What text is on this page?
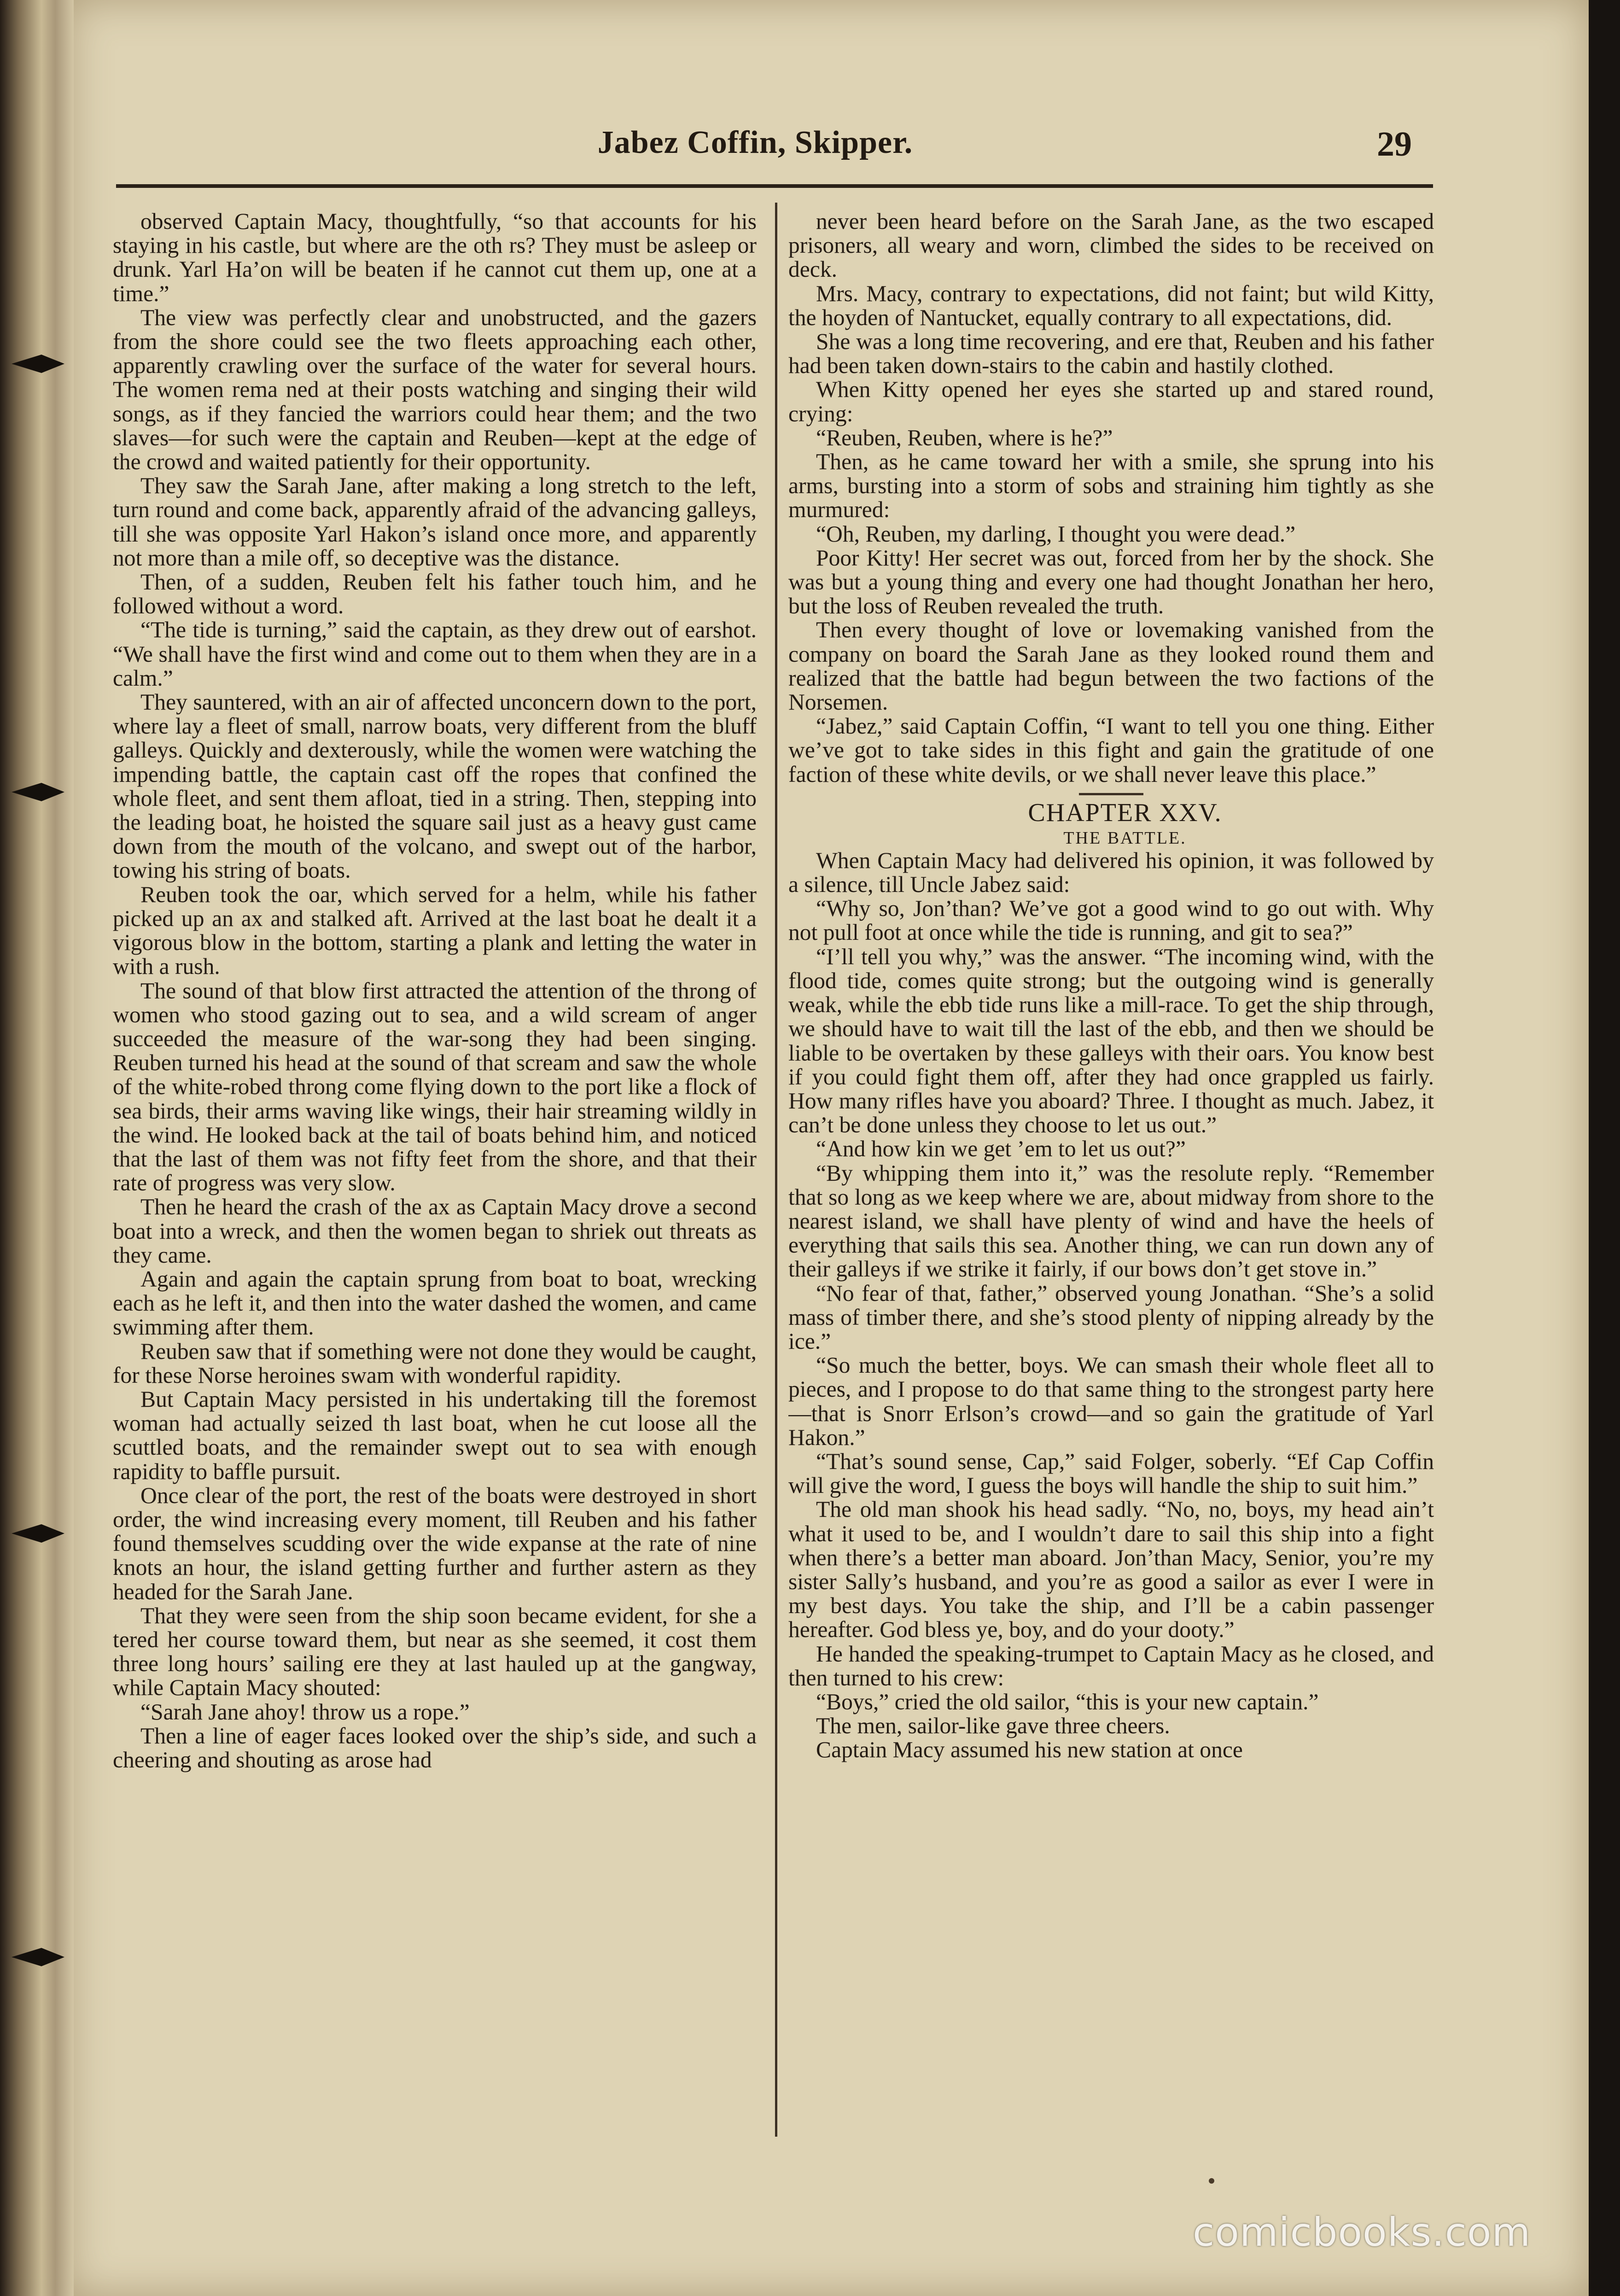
Jabez Coffin, Skipper.	29

observed Captain Macy, thoughtfully, “so that accounts for his staying in his castle, but where are the oth rs? They must be asleep or drunk. Yarl Ha’on will be beaten if he cannot cut them up, one at a time.”

The view was perfectly clear and unobstructed, and the gazers from the shore could see the two fleets approaching each other, apparently crawling over the surface of the water for several hours. The women rema ned at their posts watching and singing their wild songs, as if they fancied the warriors could hear them; and the two slaves—for such were the captain and Reuben—kept at the edge of the crowd and waited patiently for their opportunity.

They saw the Sarah Jane, after making a long stretch to the left, turn round and come back, apparently afraid of the advancing galleys, till she was opposite Yarl Hakon’s island once more, and apparently not more than a mile off, so deceptive was the distance.

Then, of a sudden, Reuben felt his father touch him, and he followed without a word.

“The tide is turning,” said the captain, as they drew out of earshot. “We shall have the first wind and come out to them when they are in a calm.”

They sauntered, with an air of affected unconcern down to the port, where lay a fleet of small, narrow boats, very different from the bluff galleys. Quickly and dexterously, while the women were watching the impending battle, the captain cast off the ropes that confined the whole fleet, and sent them afloat, tied in a string. Then, stepping into the leading boat, he hoisted the square sail just as a heavy gust came down from the mouth of the volcano, and swept out of the harbor, towing his string of boats.

Reuben took the oar, which served for a helm, while his father picked up an ax and stalked aft. Arrived at the last boat he dealt it a vigorous blow in the bottom, starting a plank and letting the water in with a rush.

The sound of that blow first attracted the attention of the throng of women who stood gazing out to sea, and a wild scream of anger succeeded the measure of the war-song they had been singing. Reuben turned his head at the sound of that scream and saw the whole of the white-robed throng come flying down to the port like a flock of sea birds, their arms waving like wings, their hair streaming wildly in the wind. He looked back at the tail of boats behind him, and noticed that the last of them was not fifty feet from the shore, and that their rate of progress was very slow.

Then he heard the crash of the ax as Captain Macy drove a second boat into a wreck, and then the women began to shriek out threats as they came.

Again and again the captain sprung from boat to boat, wrecking each as he left it, and then into the water dashed the women, and came swimming after them.

Reuben saw that if something were not done they would be caught, for these Norse heroines swam with wonderful rapidity.

But Captain Macy persisted in his undertaking till the foremost woman had actually seized th last boat, when he cut loose all the scuttled boats, and the remainder swept out to sea with enough rapidity to baffle pursuit.

Once clear of the port, the rest of the boats were destroyed in short order, the wind increasing every moment, till Reuben and his father found themselves scudding over the wide expanse at the rate of nine knots an hour, the island getting further and further astern as they headed for the Sarah Jane.

That they were seen from the ship soon became evident, for she a tered her course toward them, but near as she seemed, it cost them three long hours’ sailing ere they at last hauled up at the gangway, while Captain Macy shouted:

“Sarah Jane ahoy! throw us a rope.”

Then a line of eager faces looked over the ship’s side, and such a cheering and shouting as arose had

never been heard before on the Sarah Jane, as the two escaped prisoners, all weary and worn, climbed the sides to be received on deck.

Mrs. Macy, contrary to expectations, did not faint; but wild Kitty, the hoyden of Nantucket, equally contrary to all expectations, did.

She was a long time recovering, and ere that, Reuben and his father had been taken down-stairs to the cabin and hastily clothed.

When Kitty opened her eyes she started up and stared round, crying:

“Reuben, Reuben, where is he?”

Then, as he came toward her with a smile, she sprung into his arms, bursting into a storm of sobs and straining him tightly as she murmured:

“Oh, Reuben, my darling, I thought you were dead.”

Poor Kitty! Her secret was out, forced from her by the shock. She was but a young thing and every one had thought Jonathan her hero, but the loss of Reuben revealed the truth.

Then every thought of love or lovemaking vanished from the company on board the Sarah Jane as they looked round them and realized that the battle had begun between the two factions of the Norsemen.

“Jabez,” said Captain Coffin, “I want to tell you one thing. Either we’ve got to take sides in this fight and gain the gratitude of one faction of these white devils, or we shall never leave this place.”

CHAPTER XXV.

THE BATTLE.

When Captain Macy had delivered his opinion, it was followed by a silence, till Uncle Jabez said:

“Why so, Jon’than? We’ve got a good wind to go out with. Why not pull foot at once while the tide is running, and git to sea?”

“I’ll tell you why,” was the answer. “The incoming wind, with the flood tide, comes quite strong; but the outgoing wind is generally weak, while the ebb tide runs like a mill-race. To get the ship through, we should have to wait till the last of the ebb, and then we should be liable to be overtaken by these galleys with their oars. You know best if you could fight them off, after they had once grappled us fairly. How many rifles have you aboard? Three. I thought as much. Jabez, it can’t be done unless they choose to let us out.”

“And how kin we get ’em to let us out?”

“By whipping them into it,” was the resolute reply. “Remember that so long as we keep where we are, about midway from shore to the nearest island, we shall have plenty of wind and have the heels of everything that sails this sea. Another thing, we can run down any of their galleys if we strike it fairly, if our bows don’t get stove in.”

“No fear of that, father,” observed young Jonathan. “She’s a solid mass of timber there, and she’s stood plenty of nipping already by the ice.”

“So much the better, boys. We can smash their whole fleet all to pieces, and I propose to do that same thing to the strongest party here—that is Snorr Erlson’s crowd—and so gain the gratitude of Yarl Hakon.”

“That’s sound sense, Cap,” said Folger, soberly. “Ef Cap Coffin will give the word, I guess the boys will handle the ship to suit him.”

The old man shook his head sadly. “No, no, boys, my head ain’t what it used to be, and I wouldn’t dare to sail this ship into a fight when there’s a better man aboard. Jon’than Macy, Senior, you’re my sister Sally’s husband, and you’re as good a sailor as ever I were in my best days. You take the ship, and I’ll be a cabin passenger hereafter. God bless ye, boy, and do your dooty.”

He handed the speaking-trumpet to Captain Macy as he closed, and then turned to his crew:

“Boys,” cried the old sailor, “this is your new captain.”

The men, sailor-like gave three cheers.

Captain Macy assumed his new station at once

comicbooks.com
